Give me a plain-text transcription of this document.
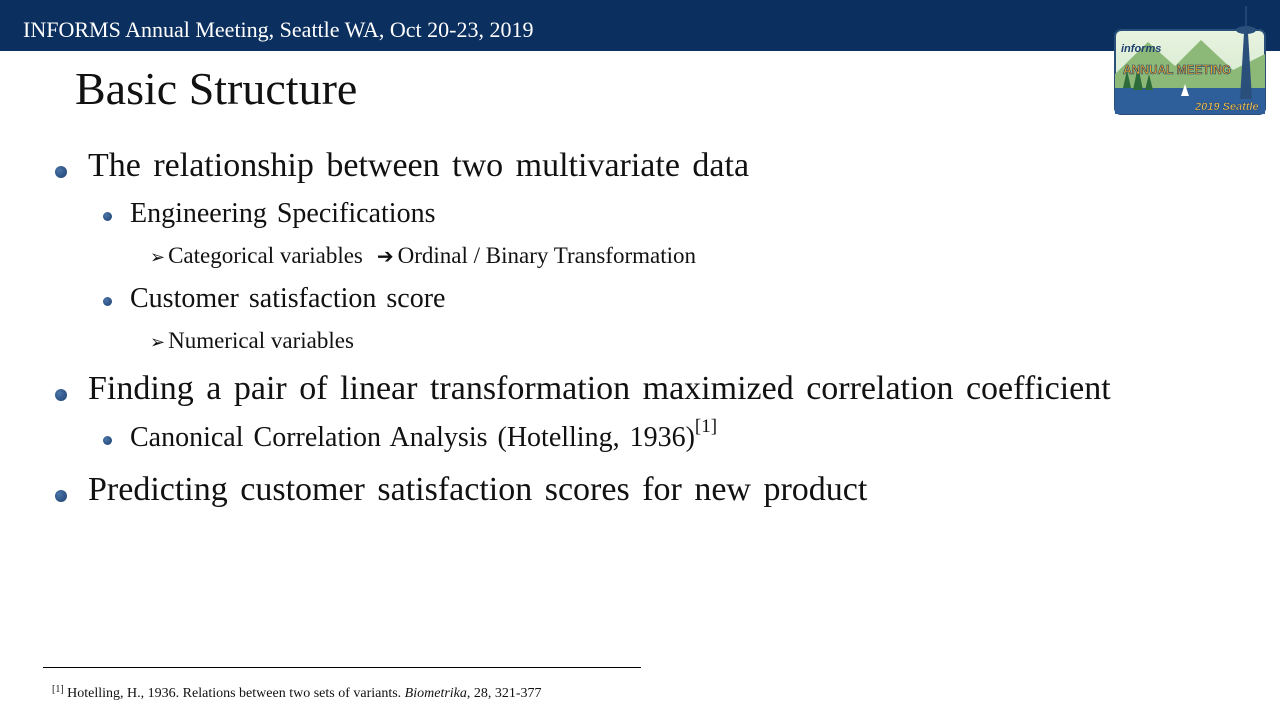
INFORMS Annual Meeting, Seattle WA, Oct 20-23, 2019
informs
ANNUAL MEETING
2019 Seattle
Basic Structure
The relationship between two multivariate data
Engineering Specifications
➢ Categorical variables ➔ Ordinal / Binary Transformation
Customer satisfaction score
➢ Numerical variables
Finding a pair of linear transformation maximized correlation coefficient
Canonical Correlation Analysis (Hotelling, 1936)[1]
Predicting customer satisfaction scores for new product
[1] Hotelling, H., 1936. Relations between two sets of variants. Biometrika, 28, 321-377
